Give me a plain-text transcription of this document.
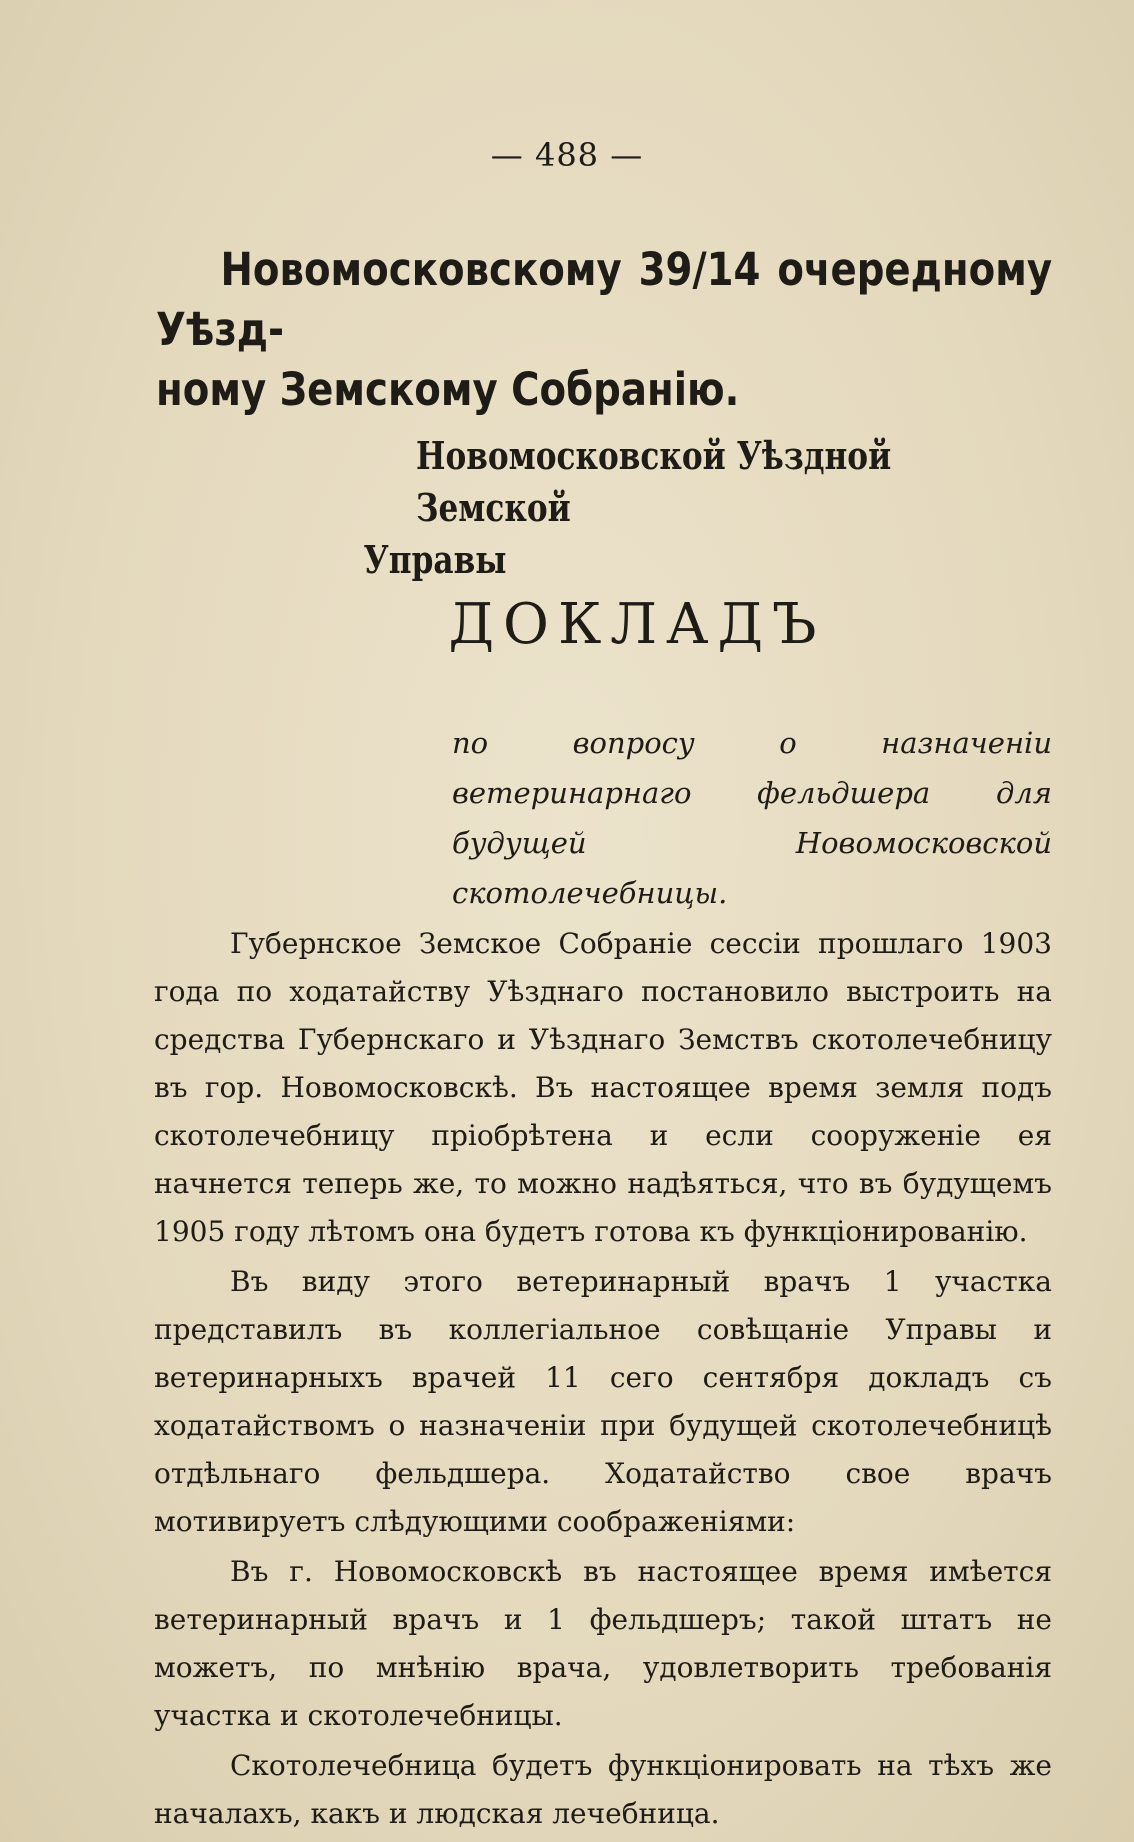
— 488 —
Новомосковскому 39/14 очередному Уѣзд-
ному Земскому Собранію.
Новомосковской Уѣздной Земской
Управы
ДОКЛАДЪ
по вопросу о назначеніи ветеринарнаго фельдшера для будущей Новомосковской скотолечебницы.

Губернское Земское Собраніе сессіи прошлаго 1903 года по ходатайству Уѣзднаго постановило выстроить на средства Губернскаго и Уѣзднаго Земствъ скотолечебницу въ гор. Новомосковскѣ. Въ настоящее время земля подъ скотолечебницу пріобрѣтена и если сооруженіе ея начнется теперь же, то можно надѣяться, что въ будущемъ 1905 году лѣтомъ она будетъ готова къ функціонированію.

Въ виду этого ветеринарный врачъ 1 участка представилъ въ коллегіальное совѣщаніе Управы и ветеринарныхъ врачей 11 сего сентября докладъ съ ходатайствомъ о назначеніи при будущей скотолечебницѣ отдѣльнаго фельдшера. Ходатайство свое врачъ мотивируетъ слѣдующими соображеніями:

Въ г. Новомосковскѣ въ настоящее время имѣется ветеринарный врачъ и 1 фельдшеръ; такой штатъ не можетъ, по мнѣнію врача, удовлетворить требованія участка и скотолечебницы.

Скотолечебница будетъ функціонировать на тѣхъ же началахъ, какъ и людская лечебница.
